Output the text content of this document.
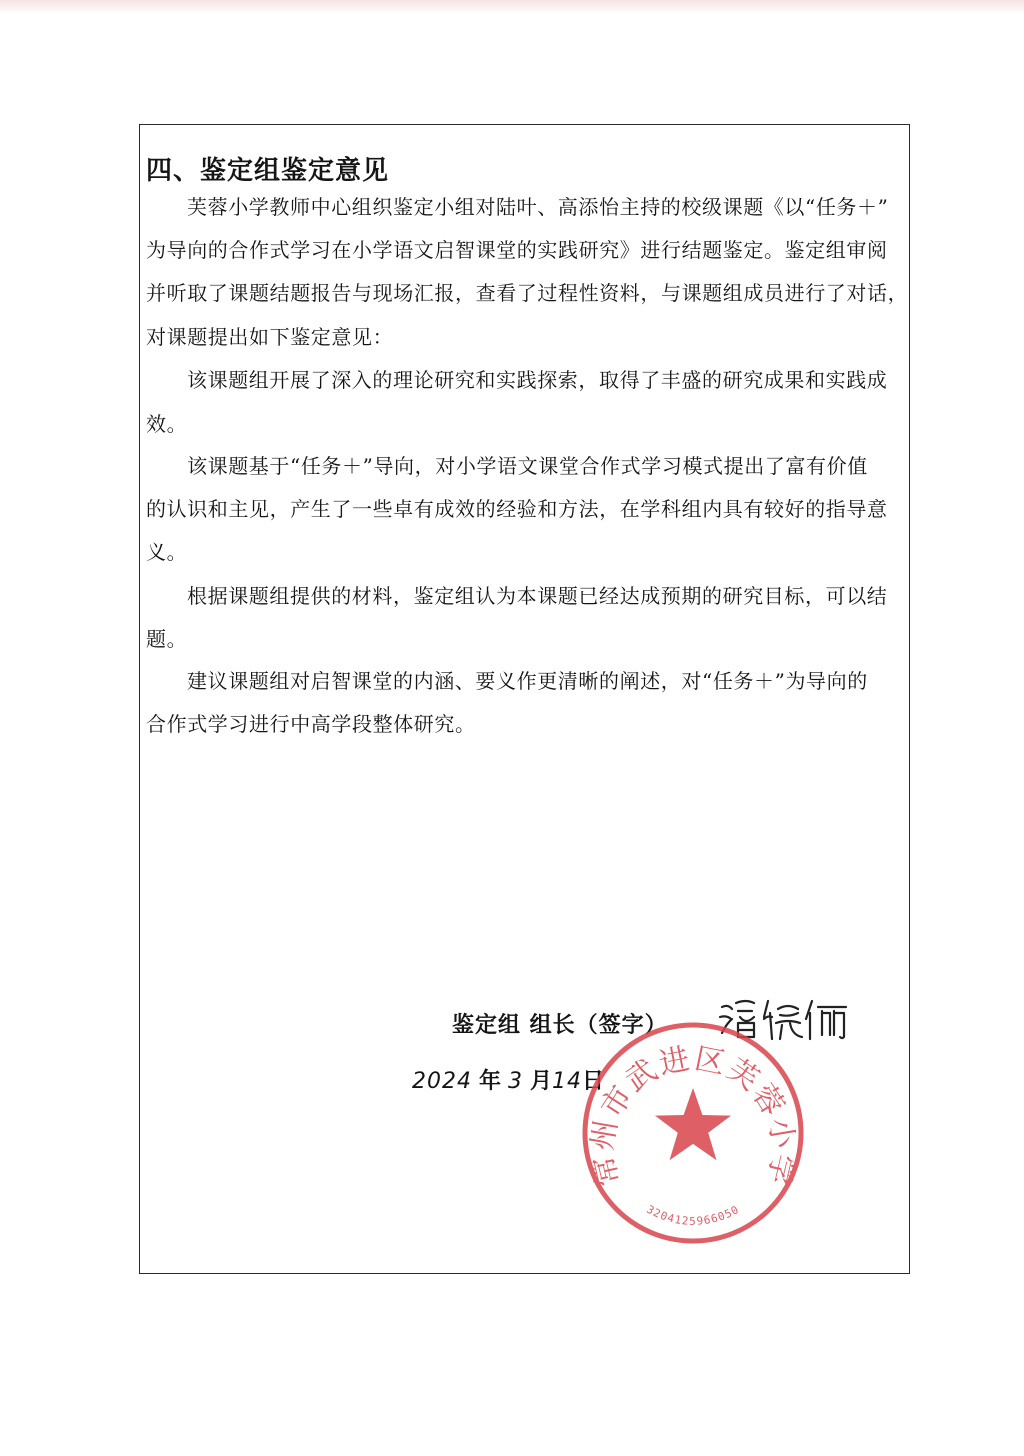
四、鉴定组鉴定意见
芙蓉小学教师中心组织鉴定小组对陆叶、高添怡主持的校级课题《以“任务＋”
为导向的合作式学习在小学语文启智课堂的实践研究》进行结题鉴定。鉴定组审阅
并听取了课题结题报告与现场汇报，查看了过程性资料，与课题组成员进行了对话，
对课题提出如下鉴定意见：
该课题组开展了深入的理论研究和实践探索，取得了丰盛的研究成果和实践成
效。
该课题基于“任务＋”导向，对小学语文课堂合作式学习模式提出了富有价值
的认识和主见，产生了一些卓有成效的经验和方法，在学科组内具有较好的指导意
义。
根据课题组提供的材料，鉴定组认为本课题已经达成预期的研究目标，可以结
题。
建议课题组对启智课堂的内涵、要义作更清晰的阐述，对“任务＋”为导向的
合作式学习进行中高学段整体研究。
鉴定组 组长（签字）
2024 年 3 月14日
常州市武进区芙蓉小学
3204125966050
